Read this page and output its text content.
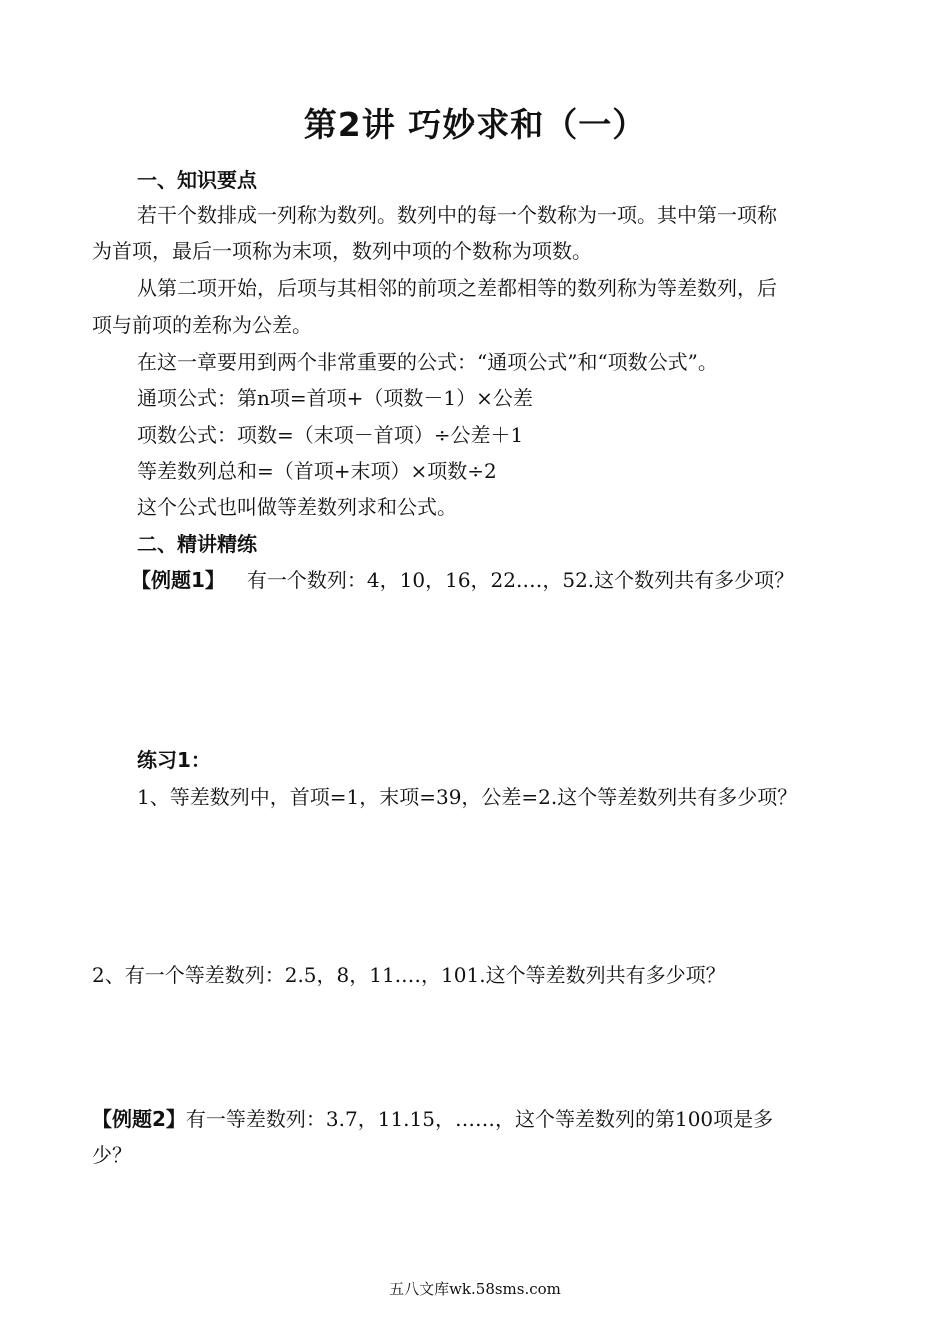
第2讲 巧妙求和（一）
一、知识要点
若干个数排成一列称为数列。数列中的每一个数称为一项。其中第一项称
为首项，最后一项称为末项，数列中项的个数称为项数。
从第二项开始，后项与其相邻的前项之差都相等的数列称为等差数列，后
项与前项的差称为公差。
在这一章要用到两个非常重要的公式：“通项公式”和“项数公式”。
通项公式：第n项=首项+（项数－1）×公差
项数公式：项数=（末项－首项）÷公差＋1
等差数列总和=（首项+末项）×项数÷2
这个公式也叫做等差数列求和公式。
二、精讲精练
【例题1】 有一个数列：4，10，16，22.…，52.这个数列共有多少项？
练习1：
1、等差数列中，首项=1，末项=39，公差=2.这个等差数列共有多少项？
2、有一个等差数列：2.5，8，11.…，101.这个等差数列共有多少项？
【例题2】有一等差数列：3.7，11.15，……，这个等差数列的第100项是多
少？
五八文库wk.58sms.com
